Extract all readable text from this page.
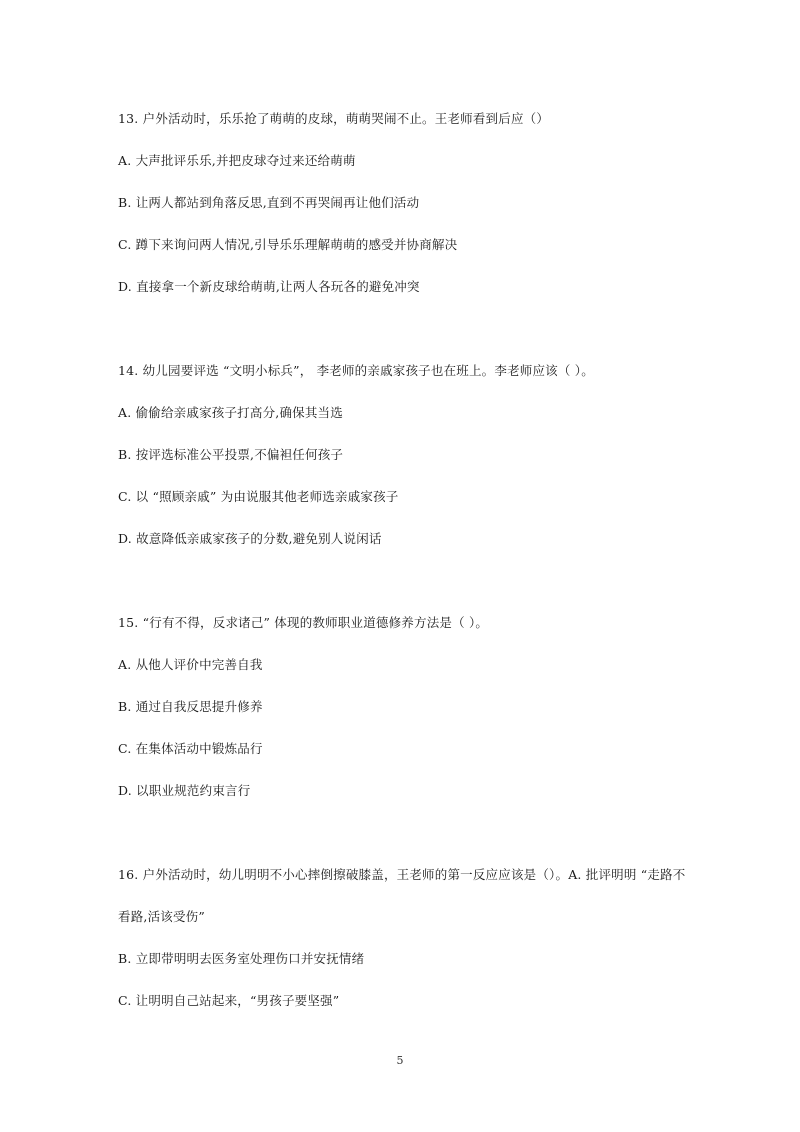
13. 户外活动时，乐乐抢了萌萌的皮球，萌萌哭闹不止。王老师看到后应（）
A. 大声批评乐乐,并把皮球夺过来还给萌萌
B. 让两人都站到角落反思,直到不再哭闹再让他们活动
C. 蹲下来询问两人情况,引导乐乐理解萌萌的感受并协商解决
D. 直接拿一个新皮球给萌萌,让两人各玩各的避免冲突
14. 幼儿园要评选 “文明小标兵”， 李老师的亲戚家孩子也在班上。李老师应该（ ）。
A. 偷偷给亲戚家孩子打高分,确保其当选
B. 按评选标准公平投票,不偏袒任何孩子
C. 以 “照顾亲戚” 为由说服其他老师选亲戚家孩子
D. 故意降低亲戚家孩子的分数,避免别人说闲话
15. “行有不得，反求诸己” 体现的教师职业道德修养方法是（ ）。
A. 从他人评价中完善自我
B. 通过自我反思提升修养
C. 在集体活动中锻炼品行
D. 以职业规范约束言行
16. 户外活动时，幼儿明明不小心摔倒擦破膝盖，王老师的第一反应应该是（）。A. 批评明明 “走路不
看路,活该受伤”
B. 立即带明明去医务室处理伤口并安抚情绪
C. 让明明自己站起来，“男孩子要坚强”
5
